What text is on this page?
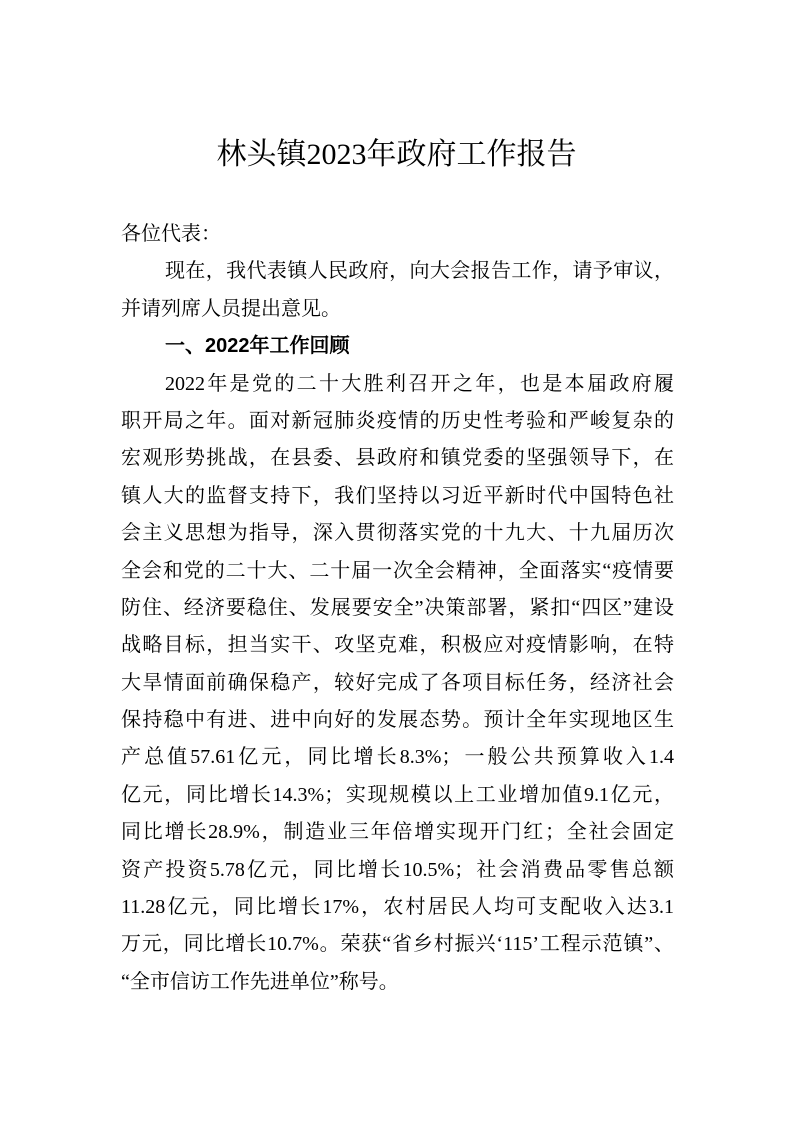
林头镇2023年政府工作报告
各位代表：
现在，我代表镇人民政府，向大会报告工作，请予审议，
并请列席人员提出意见。
一、2022年工作回顾
2022年是党的二十大胜利召开之年，也是本届政府履
职开局之年。面对新冠肺炎疫情的历史性考验和严峻复杂的
宏观形势挑战，在县委、县政府和镇党委的坚强领导下，在
镇人大的监督支持下，我们坚持以习近平新时代中国特色社
会主义思想为指导，深入贯彻落实党的十九大、十九届历次
全会和党的二十大、二十届一次全会精神，全面落实“疫情要
防住、经济要稳住、发展要安全”决策部署，紧扣“四区”建设
战略目标，担当实干、攻坚克难，积极应对疫情影响，在特
大旱情面前确保稳产，较好完成了各项目标任务，经济社会
保持稳中有进、进中向好的发展态势。预计全年实现地区生
产总值57.61亿元，同比增长8.3%；一般公共预算收入1.4
亿元，同比增长14.3%；实现规模以上工业增加值9.1亿元，
同比增长28.9%，制造业三年倍增实现开门红；全社会固定
资产投资5.78亿元，同比增长10.5%；社会消费品零售总额
11.28亿元，同比增长17%，农村居民人均可支配收入达3.1
万元，同比增长10.7%。荣获“省乡村振兴‘115’工程示范镇”、
“全市信访工作先进单位”称号。
